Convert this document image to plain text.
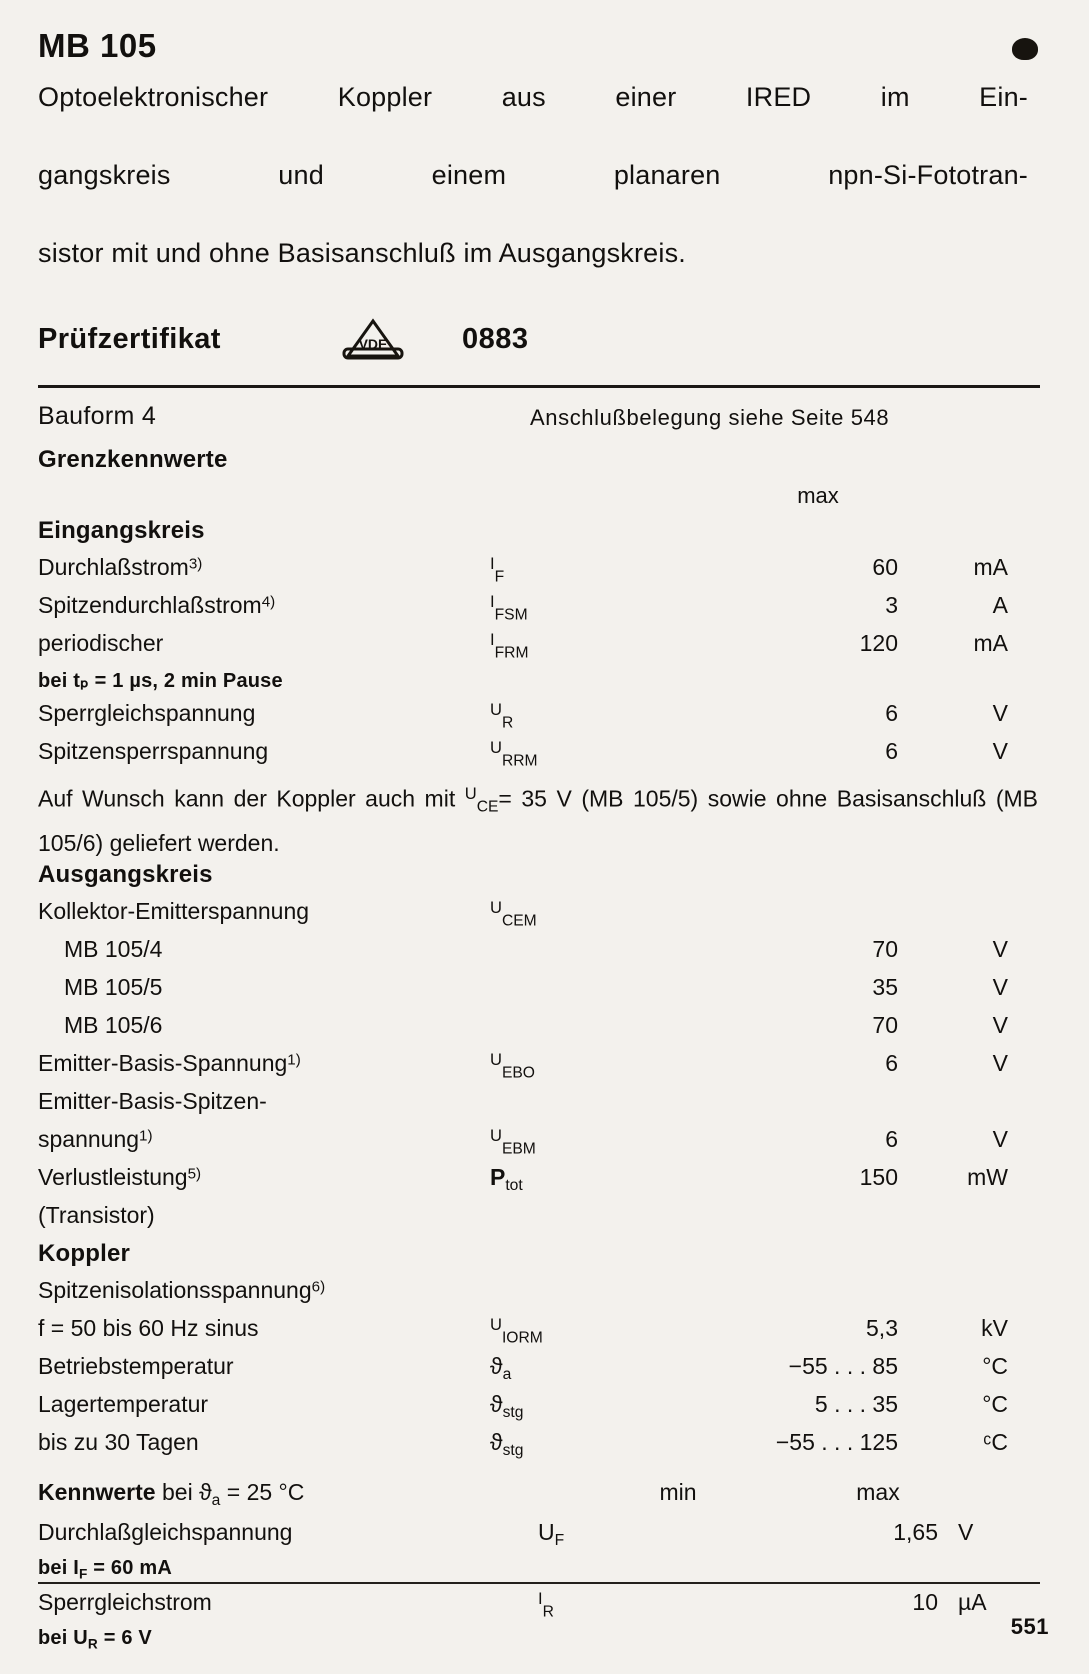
MB 105
Optoelektronischer Koppler aus einer IRED im Ein-
gangskreis und einem planaren npn-Si-Fototran-
sistor mit und ohne Basisanschluß im Ausgangskreis.
Prüfzertifikat	VDE	0883
Bauform 4	Anschlußbelegung siehe Seite 548
Grenzkennwerte
max
Eingangskreis
Durchlaßstrom$^{3)}$	$^I_F$	60	mA
Spitzendurchlaßstrom$^{4)}$	$^I_{FSM}$	3	A
periodischer	$^I_{FRM}$	120	mA
bei tₚ = 1 µs, 2 min Pause
Sperrgleichspannung	$^U_R$	6	V
Spitzensperrspannung	$^U_{RRM}$	6	V
Auf Wunsch kann der Koppler auch mit $^U_{CE}$= 35 V (MB 105/5) sowie ohne Basisanschluß (MB 105/6) geliefert werden.
Ausgangskreis
Kollektor-Emitterspannung	$^U_{CEM}$
MB 105/4	70	V
MB 105/5	35	V
MB 105/6	70	V
Emitter-Basis-Spannung$^{1)}$	$^U_{EBO}$	6	V
Emitter-Basis-Spitzen-
spannung$^{1)}$	$^U_{EBM}$	6	V
Verlustleistung$^{5)}$	$P_{tot}$	150	mW
(Transistor)
Koppler
Spitzenisolationsspannung$^{6)}$
f = 50 bis 60 Hz sinus	$^U_{IORM}$	5,3	kV
Betriebstemperatur	$ϑ_a$	−55 . . . 85	°C
Lagertemperatur	$ϑ_{stg}$	5 . . . 35	°C
bis zu 30 Tagen	$ϑ_{stg}$	−55 . . . 125	ᶜC
Kennwerte bei $ϑ_a = 25$ °C	min	max
Durchlaßgleichspannung	$U_F$	1,65 V
bei $I_F = 60$ mA
Sperrgleichstrom	$^I_R$	10 µA
bei $U_R = 6$ V	551
